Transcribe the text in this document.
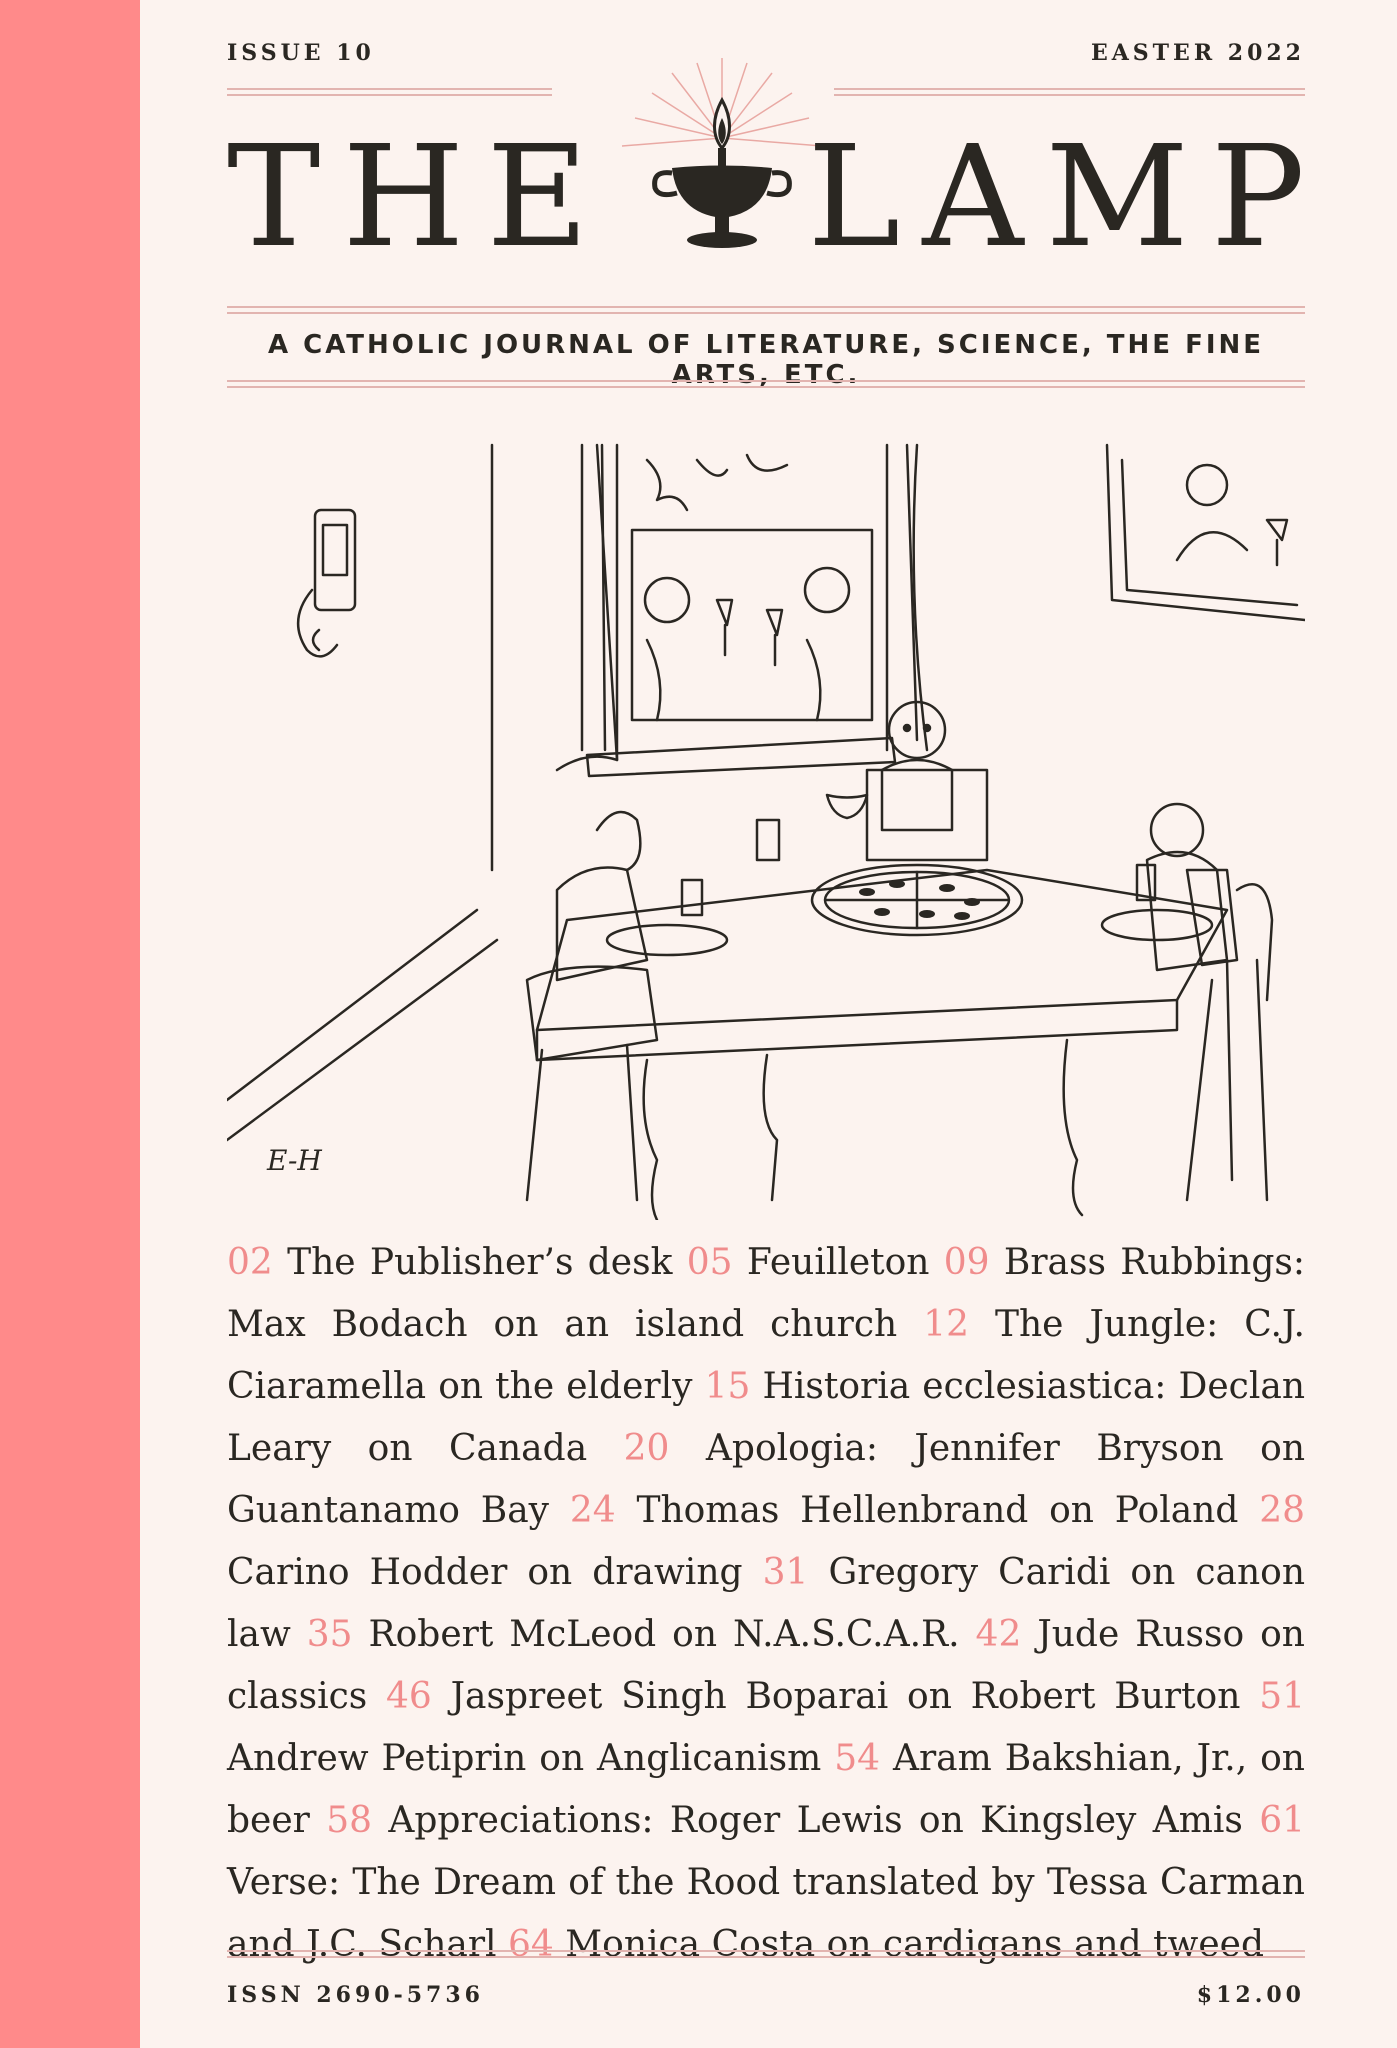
ISSUE 10	EASTER 2022
THE LAMP
A CATHOLIC JOURNAL OF LITERATURE, SCIENCE, THE FINE ARTS, ETC.
E-H
02 The Publisher’s desk 05 Feuilleton 09 Brass Rubbings: Max Bodach on an island church 12 The Jungle: C.J. Ciaramella on the elderly 15 Historia ecclesiastica: Declan Leary on Canada 20 Apologia: Jennifer Bryson on Guantanamo Bay 24 Thomas Hellenbrand on Poland 28 Carino Hodder on drawing 31 Gregory Caridi on canon law 35 Robert McLeod on N.A.S.C.A.R. 42 Jude Russo on classics 46 Jaspreet Singh Boparai on Robert Burton 51 Andrew Petiprin on Anglicanism 54 Aram Bakshian, Jr., on beer 58 Appreciations: Roger Lewis on Kingsley Amis 61 Verse: The Dream of the Rood translated by Tessa Carman and J.C. Scharl 64 Monica Costa on cardigans and tweed
ISSN 2690-5736	$12.00
